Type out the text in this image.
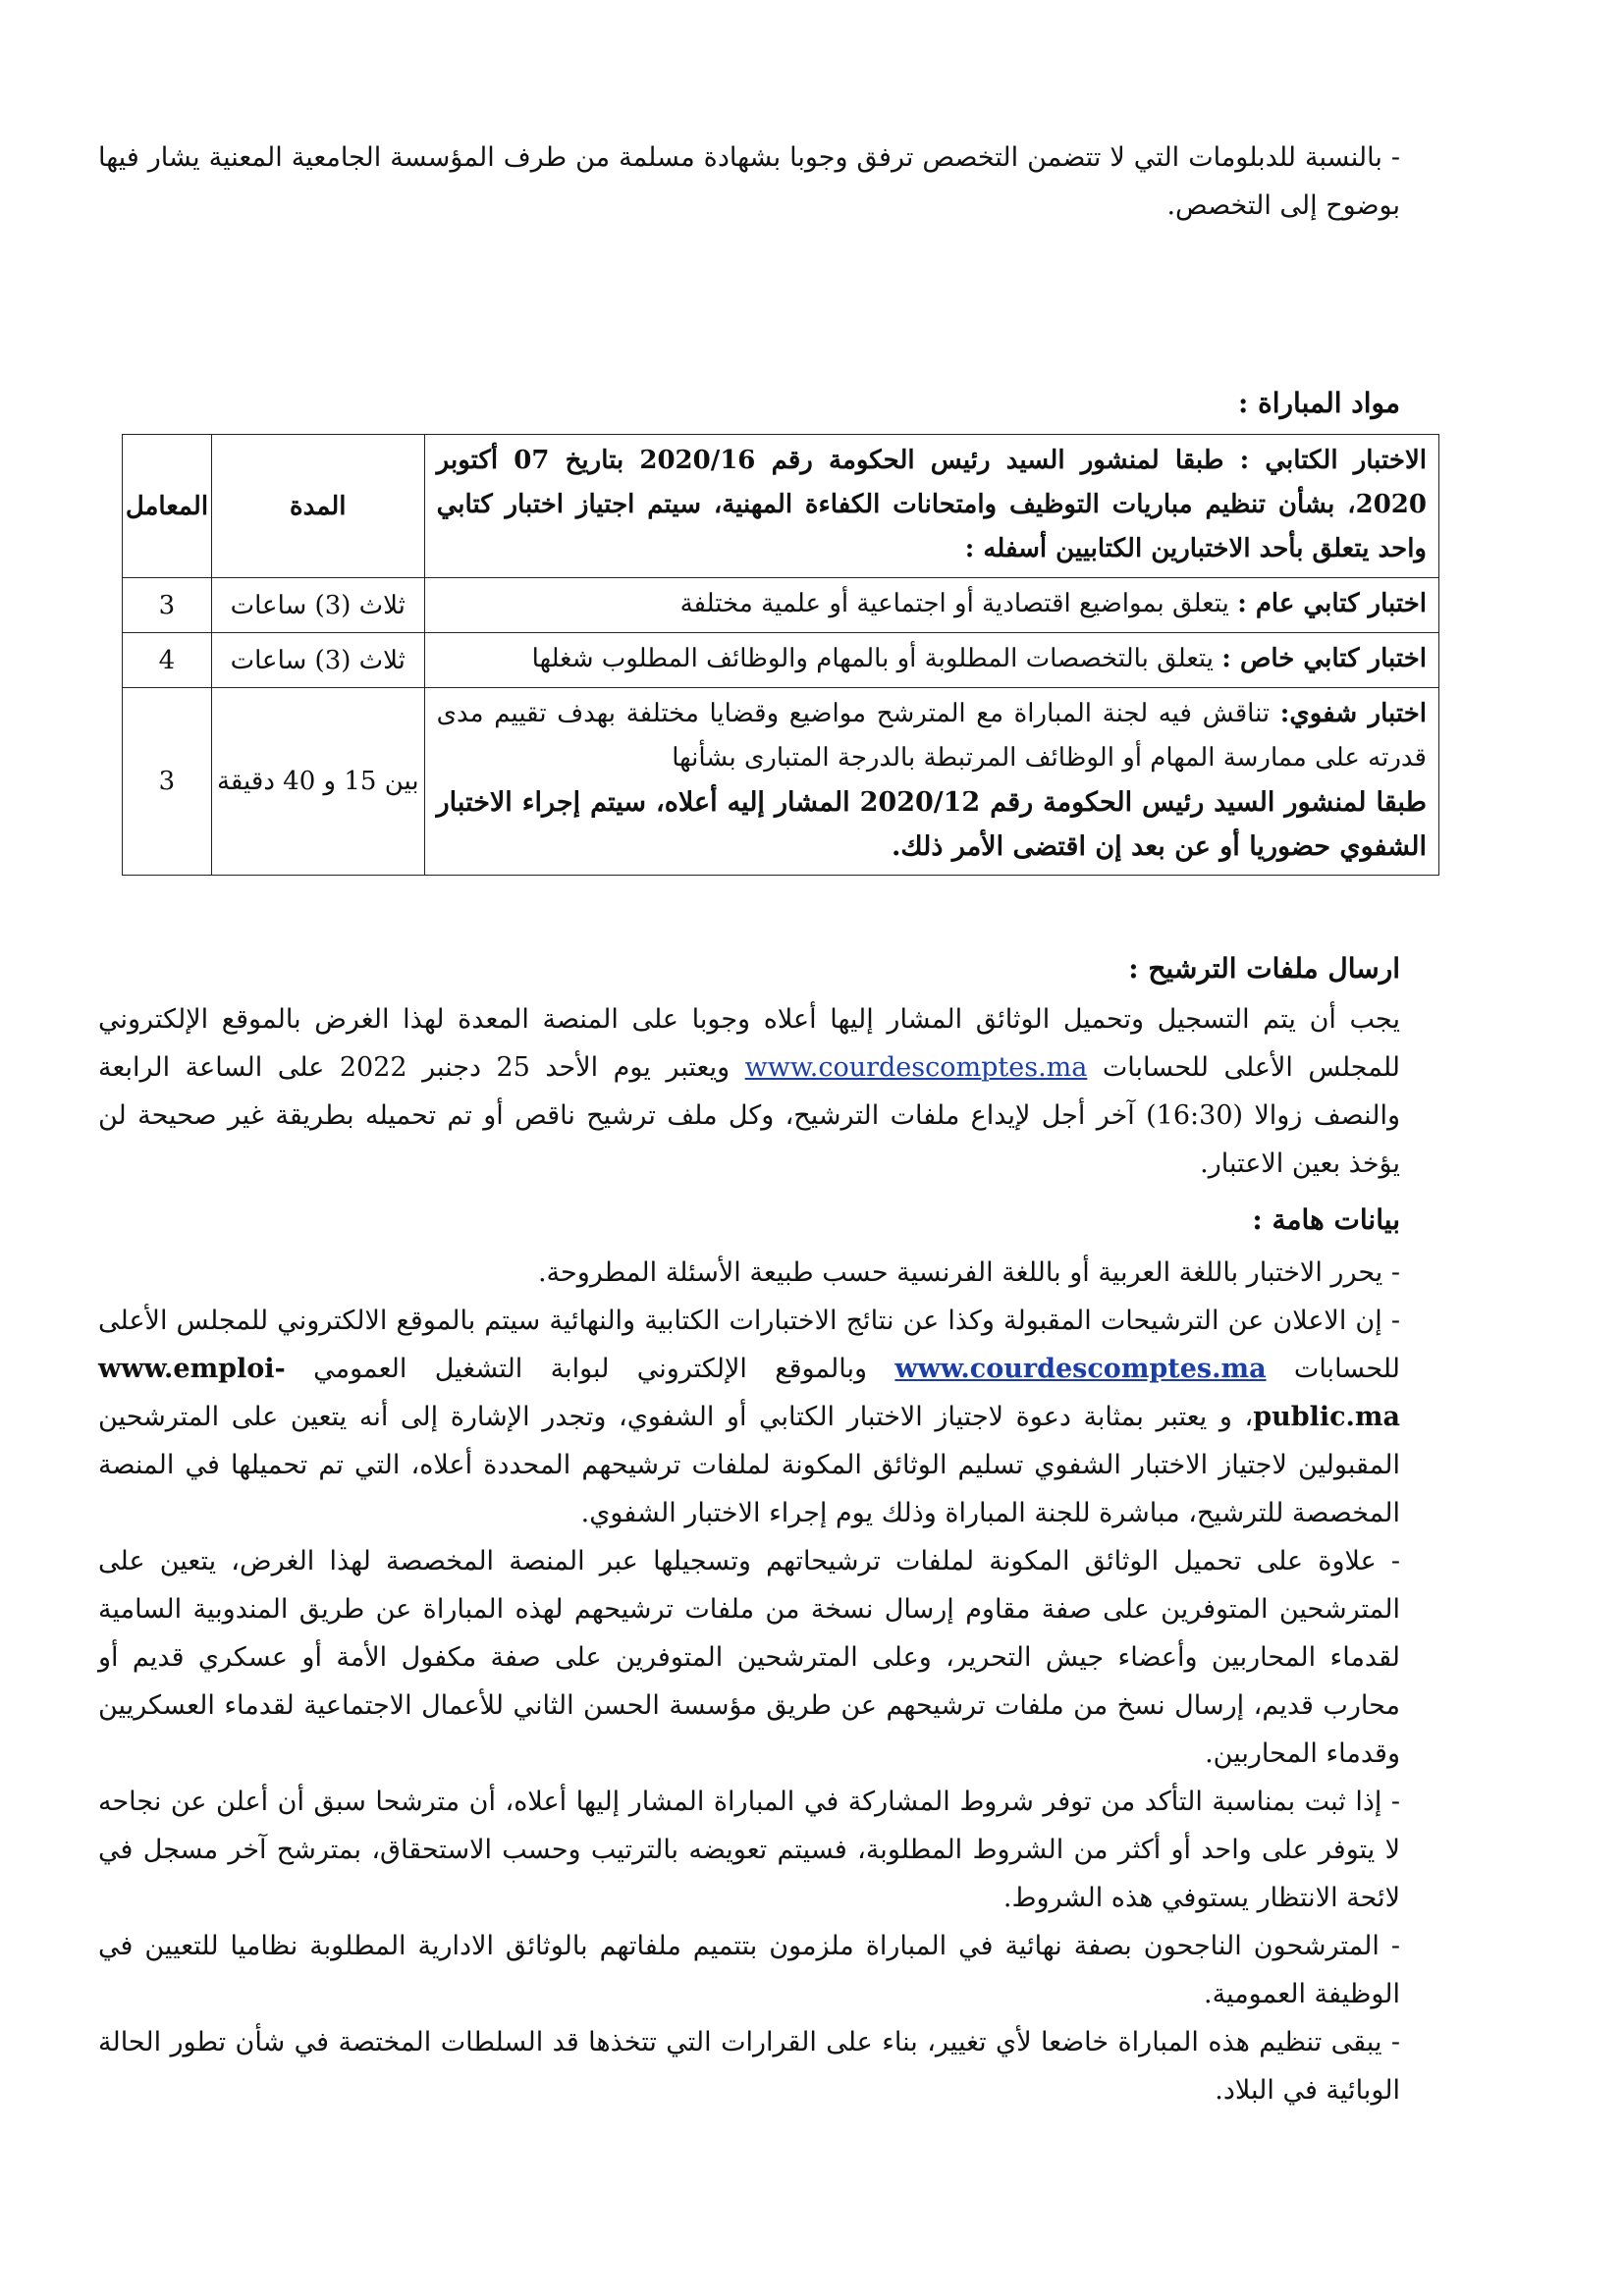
- بالنسبة للدبلومات التي لا تتضمن التخصص ترفق وجوبا بشهادة مسلمة من طرف المؤسسة الجامعية المعنية يشار فيها بوضوح إلى التخصص.

مواد المباراة :

الاختبار الكتابي : طبقا لمنشور السيد رئيس الحكومة رقم 2020/16 بتاريخ 07 أكتوبر 2020، بشأن تنظيم مباريات التوظيف وامتحانات الكفاءة المهنية، سيتم اجتياز اختبار كتابي واحد يتعلق بأحد الاختبارين الكتابيين أسفله :	المدة	المعامل
اختبار كتابي عام : يتعلق بمواضيع اقتصادية أو اجتماعية أو علمية مختلفة	ثلاث (3) ساعات	3
اختبار كتابي خاص : يتعلق بالتخصصات المطلوبة أو بالمهام والوظائف المطلوب شغلها	ثلاث (3) ساعات	4
اختبار شفوي: تناقش فيه لجنة المباراة مع المترشح مواضيع وقضايا مختلفة بهدف تقييم مدى قدرته على ممارسة المهام أو الوظائف المرتبطة بالدرجة المتبارى بشأنها
طبقا لمنشور السيد رئيس الحكومة رقم 2020/12 المشار إليه أعلاه، سيتم إجراء الاختبار الشفوي حضوريا أو عن بعد إن اقتضى الأمر ذلك.	بين 15 و 40 دقيقة	3

ارسال ملفات الترشيح :

يجب أن يتم التسجيل وتحميل الوثائق المشار إليها أعلاه وجوبا على المنصة المعدة لهذا الغرض بالموقع الإلكتروني للمجلس الأعلى للحسابات www.courdescomptes.ma ويعتبر يوم الأحد 25 دجنبر 2022 على الساعة الرابعة والنصف زوالا (16:30) آخر أجل لإيداع ملفات الترشيح، وكل ملف ترشيح ناقص أو تم تحميله بطريقة غير صحيحة لن يؤخذ بعين الاعتبار.

بيانات هامة :

- يحرر الاختبار باللغة العربية أو باللغة الفرنسية حسب طبيعة الأسئلة المطروحة.
- إن الاعلان عن الترشيحات المقبولة وكذا عن نتائج الاختبارات الكتابية والنهائية سيتم بالموقع الالكتروني للمجلس الأعلى للحسابات www.courdescomptes.ma وبالموقع الإلكتروني لبوابة التشغيل العمومي www.emploi-public.ma، و يعتبر بمثابة دعوة لاجتياز الاختبار الكتابي أو الشفوي، وتجدر الإشارة إلى أنه يتعين على المترشحين المقبولين لاجتياز الاختبار الشفوي تسليم الوثائق المكونة لملفات ترشيحهم المحددة أعلاه، التي تم تحميلها في المنصة المخصصة للترشيح، مباشرة للجنة المباراة وذلك يوم إجراء الاختبار الشفوي.
- علاوة على تحميل الوثائق المكونة لملفات ترشيحاتهم وتسجيلها عبر المنصة المخصصة لهذا الغرض، يتعين على المترشحين المتوفرين على صفة مقاوم إرسال نسخة من ملفات ترشيحهم لهذه المباراة عن طريق المندوبية السامية لقدماء المحاربين وأعضاء جيش التحرير، وعلى المترشحين المتوفرين على صفة مكفول الأمة أو عسكري قديم أو محارب قديم، إرسال نسخ من ملفات ترشيحهم عن طريق مؤسسة الحسن الثاني للأعمال الاجتماعية لقدماء العسكريين وقدماء المحاربين.
- إذا ثبت بمناسبة التأكد من توفر شروط المشاركة في المباراة المشار إليها أعلاه، أن مترشحا سبق أن أعلن عن نجاحه لا يتوفر على واحد أو أكثر من الشروط المطلوبة، فسيتم تعويضه بالترتيب وحسب الاستحقاق، بمترشح آخر مسجل في لائحة الانتظار يستوفي هذه الشروط.
- المترشحون الناجحون بصفة نهائية في المباراة ملزمون بتتميم ملفاتهم بالوثائق الادارية المطلوبة نظاميا للتعيين في الوظيفة العمومية.
- يبقى تنظيم هذه المباراة خاضعا لأي تغيير، بناء على القرارات التي تتخذها قد السلطات المختصة في شأن تطور الحالة الوبائية في البلاد.
